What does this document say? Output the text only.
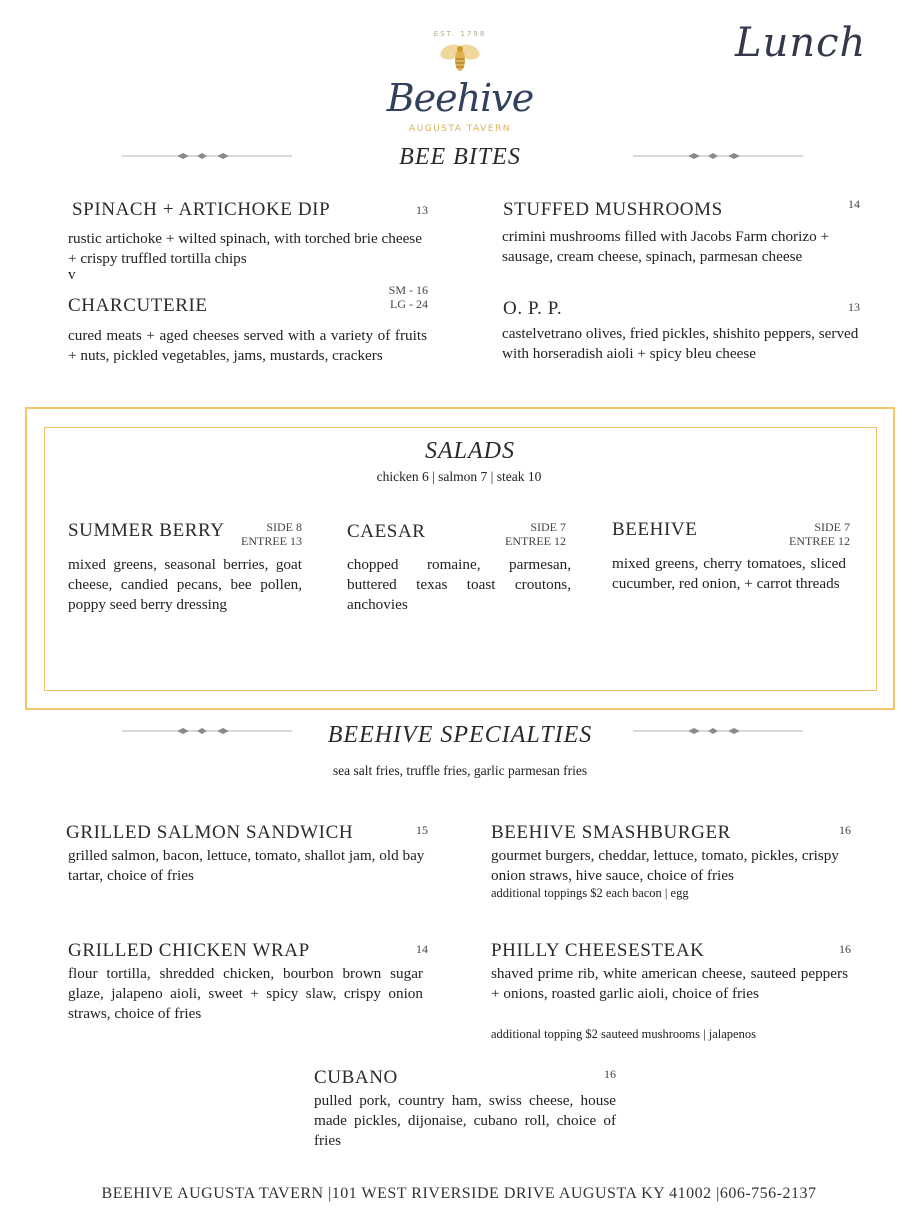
EST. 1798
Beehive
AUGUSTA TAVERN
Lunch
BEE BITES
SPINACH + ARTICHOKE DIP	13
rustic artichoke + wilted spinach, with torched brie cheese + crispy truffled tortilla chips
v
STUFFED MUSHROOMS	14
crimini mushrooms filled with Jacobs Farm chorizo + sausage, cream cheese, spinach, parmesan cheese
CHARCUTERIE
SM - 16
LG - 24
cured meats + aged cheeses served with a variety of fruits + nuts, pickled vegetables, jams, mustards, crackers
O. P. P.	13
castelvetrano olives, fried pickles, shishito peppers, served with horseradish aioli + spicy bleu cheese
SALADS
chicken 6 | salmon 7 | steak 10
SUMMER BERRY	SIDE 8
ENTREE 13
mixed greens, seasonal berries, goat cheese, candied pecans, bee pollen, poppy seed berry dressing
CAESAR	SIDE 7
ENTREE 12
chopped romaine, parmesan, buttered texas toast croutons, anchovies
BEEHIVE	SIDE 7
ENTREE 12
mixed greens, cherry tomatoes, sliced cucumber, red onion, + carrot threads
BEEHIVE SPECIALTIES
sea salt fries, truffle fries, garlic parmesan fries
GRILLED SALMON SANDWICH	15
grilled salmon, bacon, lettuce, tomato, shallot jam, old bay tartar, choice of fries
BEEHIVE SMASHBURGER	16
gourmet burgers, cheddar, lettuce, tomato, pickles, crispy onion straws, hive sauce, choice of fries
additional toppings $2 each bacon | egg
GRILLED CHICKEN WRAP	14
flour tortilla, shredded chicken, bourbon brown sugar glaze, jalapeno aioli, sweet + spicy slaw, crispy onion straws, choice of fries
PHILLY CHEESESTEAK	16
shaved prime rib, white american cheese, sauteed peppers + onions, roasted garlic aioli, choice of fries
additional topping $2 sauteed mushrooms | jalapenos
CUBANO	16
pulled pork, country ham, swiss cheese, house made pickles, dijonaise, cubano roll, choice of fries
BEEHIVE AUGUSTA TAVERN |101 WEST RIVERSIDE DRIVE AUGUSTA KY 41002 |606-756-2137
